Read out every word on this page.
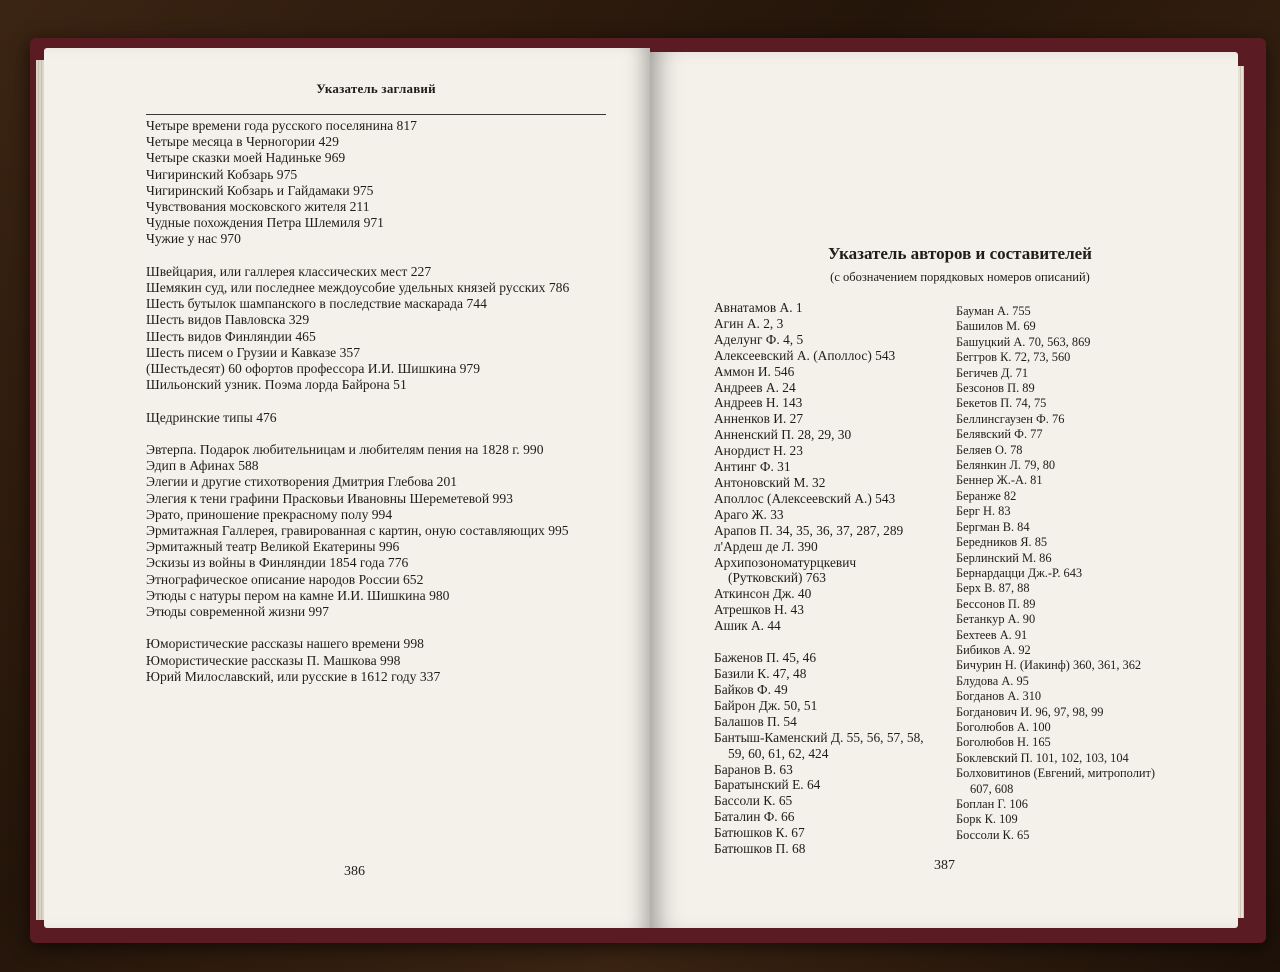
Указатель заглавий
Четыре времени года русского поселянина 817
Четыре месяца в Черногории 429
Четыре сказки моей Надиньке 969
Чигиринский Кобзарь 975
Чигиринский Кобзарь и Гайдамаки 975
Чувствования московского жителя 211
Чудные похождения Петра Шлемиля 971
Чужие у нас 970
Швейцария, или галлерея классических мест 227
Шемякин суд, или последнее междоусобие удельных князей русских 786
Шесть бутылок шампанского в последствие маскарада 744
Шесть видов Павловска 329
Шесть видов Финляндии 465
Шесть писем о Грузии и Кавказе 357
(Шестьдесят) 60 офортов профессора И.И. Шишкина 979
Шильонский узник. Поэма лорда Байрона 51
Щедринские типы 476
Эвтерпа. Подарок любительницам и любителям пения на 1828 г. 990
Эдип в Афинах 588
Элегии и другие стихотворения Дмитрия Глебова 201
Элегия к тени графини Прасковьи Ивановны Шереметевой 993
Эрато, приношение прекрасному полу 994
Эрмитажная Галлерея, гравированная с картин, оную составляющих 995
Эрмитажный театр Великой Екатерины 996
Эскизы из войны в Финляндии 1854 года 776
Этнографическое описание народов России 652
Этюды с натуры пером на камне И.И. Шишкина 980
Этюды современной жизни 997
Юмористические рассказы нашего времени 998
Юмористические рассказы П. Машкова 998
Юрий Милославский, или русские в 1612 году 337
386
Указатель авторов и составителей
(с обозначением порядковых номеров описаний)
Авнатамов А. 1
Агин А. 2, 3
Аделунг Ф. 4, 5
Алексеевский А. (Аполлос) 543
Аммон И. 546
Андреев А. 24
Андреев Н. 143
Анненков И. 27
Анненский П. 28, 29, 30
Анордист Н. 23
Антинг Ф. 31
Антоновский М. 32
Аполлос (Алексеевский А.) 543
Араго Ж. 33
Арапов П. 34, 35, 36, 37, 287, 289
л'Ардеш де Л. 390
Архипозономатурцкевич
(Рутковский) 763
Аткинсон Дж. 40
Атрешков Н. 43
Ашик А. 44
Баженов П. 45, 46
Базили К. 47, 48
Байков Ф. 49
Байрон Дж. 50, 51
Балашов П. 54
Бантыш-Каменский Д. 55, 56, 57, 58,
59, 60, 61, 62, 424
Баранов В. 63
Баратынский Е. 64
Бассоли К. 65
Баталин Ф. 66
Батюшков К. 67
Батюшков П. 68
Бауман А. 755
Башилов М. 69
Башуцкий А. 70, 563, 869
Беггров К. 72, 73, 560
Бегичев Д. 71
Безсонов П. 89
Бекетов П. 74, 75
Беллинсгаузен Ф. 76
Белявский Ф. 77
Беляев О. 78
Белянкин Л. 79, 80
Беннер Ж.-А. 81
Беранже 82
Берг Н. 83
Бергман В. 84
Бередников Я. 85
Берлинский М. 86
Бернардацци Дж.-Р. 643
Берх В. 87, 88
Бессонов П. 89
Бетанкур А. 90
Бехтеев А. 91
Бибиков А. 92
Бичурин Н. (Иакинф) 360, 361, 362
Блудова А. 95
Богданов А. 310
Богданович И. 96, 97, 98, 99
Боголюбов А. 100
Боголюбов Н. 165
Боклевский П. 101, 102, 103, 104
Болховитинов (Евгений, митрополит)
607, 608
Боплан Г. 106
Борк К. 109
Боссоли К. 65
387
